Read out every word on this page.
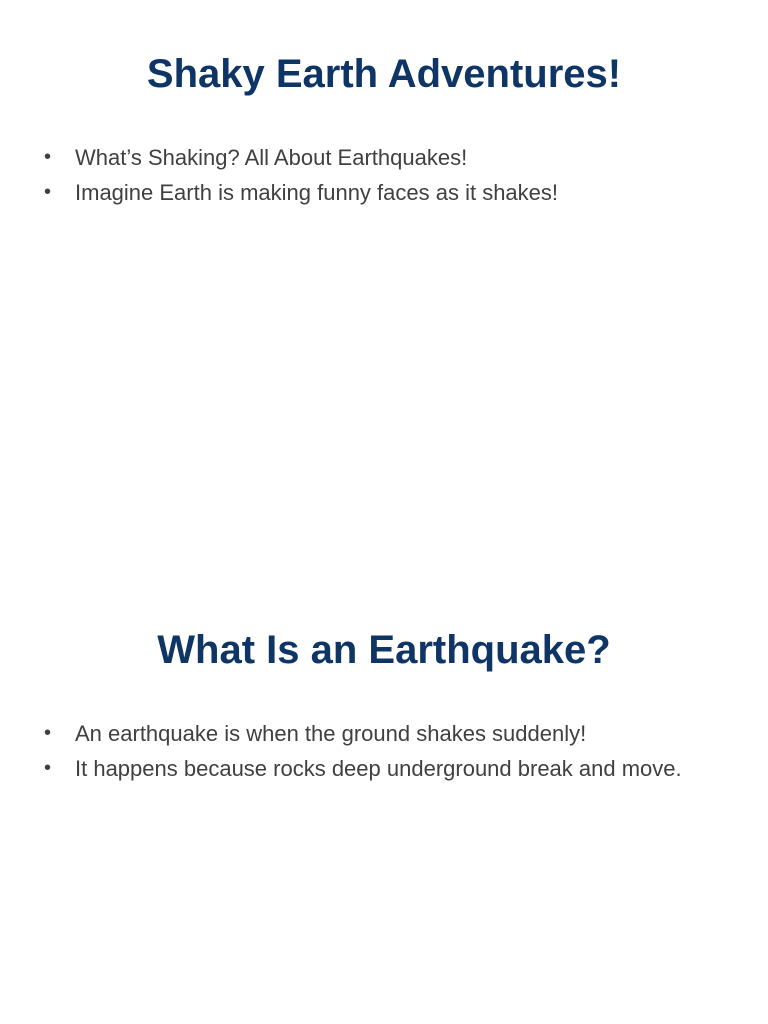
Shaky Earth Adventures!
•	What’s Shaking? All About Earthquakes!
•	Imagine Earth is making funny faces as it shakes!
What Is an Earthquake?
•	An earthquake is when the ground shakes suddenly!
•	It happens because rocks deep underground break and move.
